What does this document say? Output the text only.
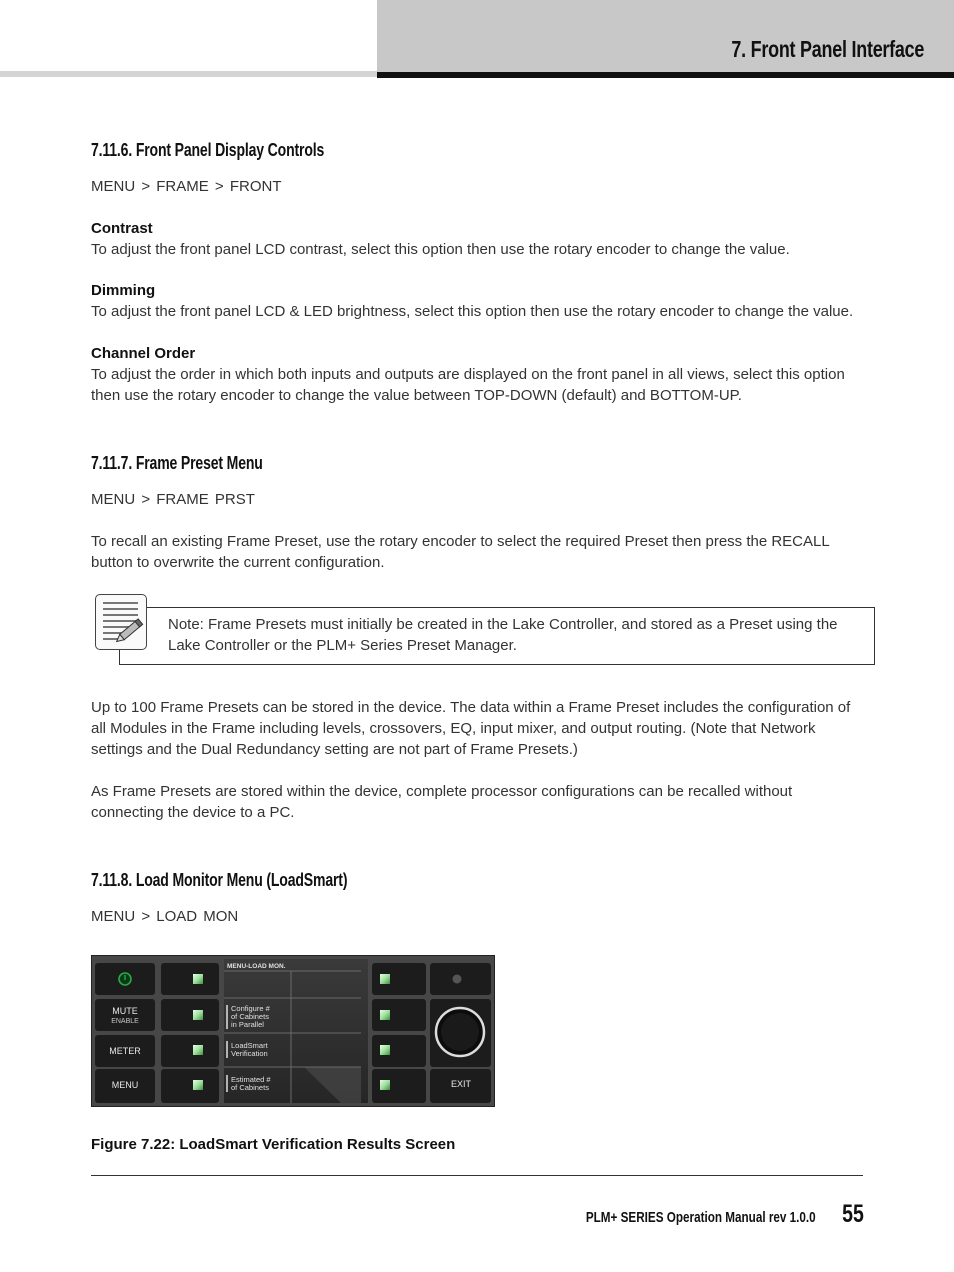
7. Front Panel Interface
7.11.6. Front Panel Display Controls

MENU > FRAME > FRONT

Contrast

To adjust the front panel LCD contrast, select this option then use the rotary encoder to change the value.

Dimming

To adjust the front panel LCD & LED brightness, select this option then use the rotary encoder to change the value.

Channel Order

To adjust the order in which both inputs and outputs are displayed on the front panel in all views, select this option then use the rotary encoder to change the value between TOP-DOWN (default) and BOTTOM-UP.

7.11.7. Frame Preset Menu

MENU > FRAME PRST

To recall an existing Frame Preset, use the rotary encoder to select the required Preset then press the RECALL button to overwrite the current configuration.

Note: Frame Presets must initially be created in the Lake Controller, and stored as a Preset using the Lake Controller or the PLM+ Series Preset Manager.

Up to 100 Frame Presets can be stored in the device. The data within a Frame Preset includes the configuration of all Modules in the Frame including levels, crossovers, EQ, input mixer, and output routing. (Note that Network settings and the Dual Redundancy setting are not part of Frame Presets.)

As Frame Presets are stored within the device, complete processor configurations can be recalled without connecting the device to a PC.

7.11.8. Load Monitor Menu (LoadSmart)

MENU > LOAD MON

MUTE
ENABLE
METER
MENU
MENU-LOAD MON.
Configure #
of Cabinets
in Parallel
LoadSmart
Verification
Estimated #
of Cabinets	EXIT

Figure 7.22: LoadSmart Verification Results Screen

PLM+ SERIES Operation Manual rev 1.0.0 55
